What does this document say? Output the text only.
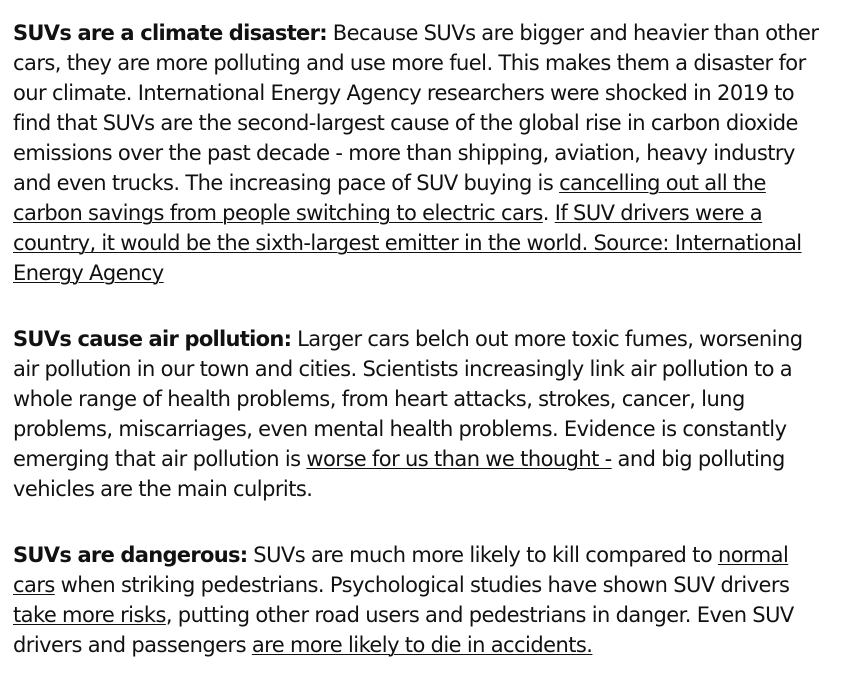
SUVs are a climate disaster: Because SUVs are bigger and heavier than other cars, they are more polluting and use more fuel. This makes them a disaster for our climate. International Energy Agency researchers were shocked in 2019 to find that SUVs are the second-largest cause of the global rise in carbon dioxide emissions over the past decade - more than shipping, aviation, heavy industry and even trucks. The increasing pace of SUV buying is cancelling out all the carbon savings from people switching to electric cars. If SUV drivers were a country, it would be the sixth-largest emitter in the world. Source: International Energy Agency

SUVs cause air pollution: Larger cars belch out more toxic fumes, worsening air pollution in our town and cities. Scientists increasingly link air pollution to a whole range of health problems, from heart attacks, strokes, cancer, lung problems, miscarriages, even mental health problems. Evidence is constantly emerging that air pollution is worse for us than we thought - and big polluting vehicles are the main culprits.

SUVs are dangerous: SUVs are much more likely to kill compared to normal cars when striking pedestrians. Psychological studies have shown SUV drivers take more risks, putting other road users and pedestrians in danger. Even SUV drivers and passengers are more likely to die in accidents.
